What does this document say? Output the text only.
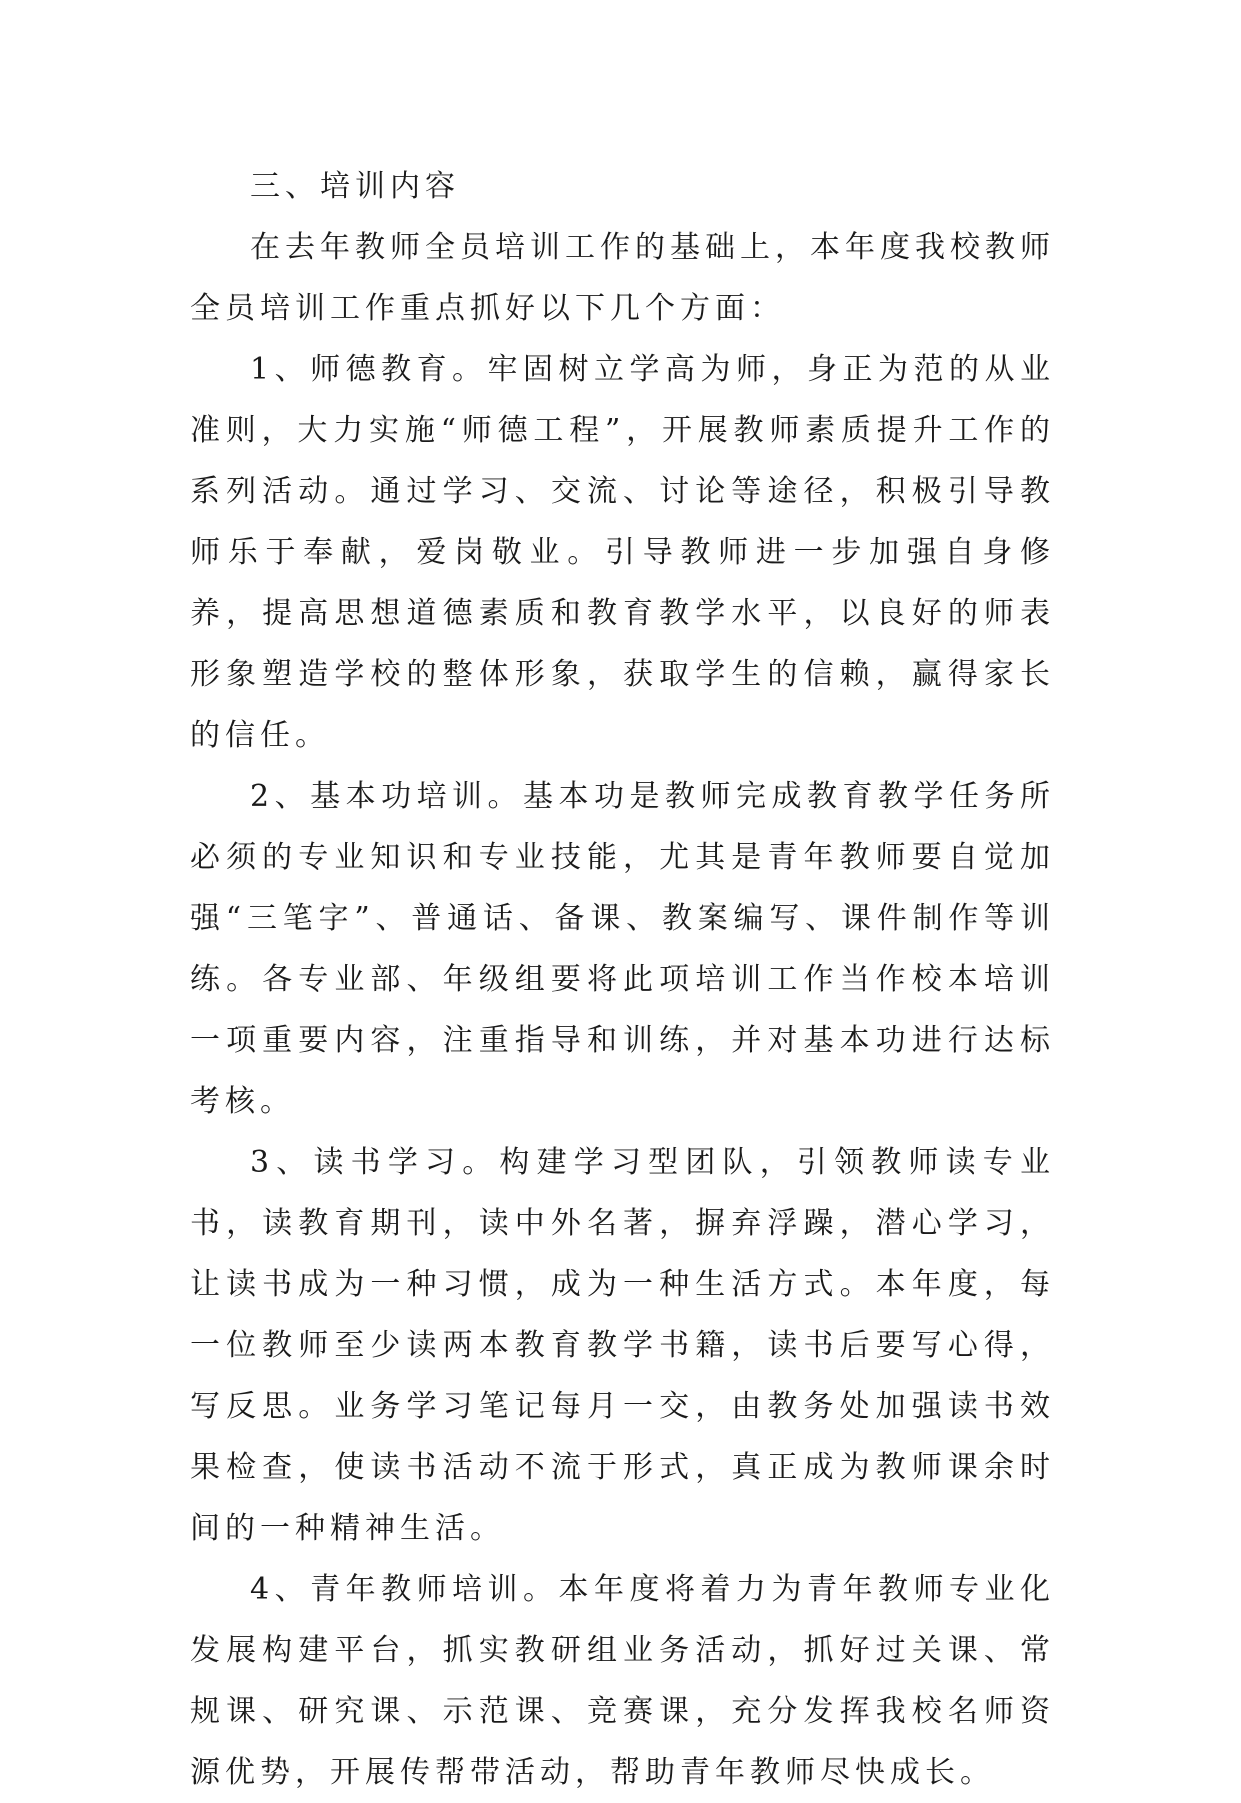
三、培训内容

在去年教师全员培训工作的基础上，本年度我校教师全员培训工作重点抓好以下几个方面：

1、师德教育。牢固树立学高为师，身正为范的从业准则，大力实施“师德工程”，开展教师素质提升工作的系列活动。通过学习、交流、讨论等途径，积极引导教师乐于奉献，爱岗敬业。引导教师进一步加强自身修养，提高思想道德素质和教育教学水平，以良好的师表形象塑造学校的整体形象，获取学生的信赖，赢得家长的信任。

2、基本功培训。基本功是教师完成教育教学任务所必须的专业知识和专业技能，尤其是青年教师要自觉加强“三笔字”、普通话、备课、教案编写、课件制作等训练。各专业部、年级组要将此项培训工作当作校本培训一项重要内容，注重指导和训练，并对基本功进行达标考核。

3、读书学习。构建学习型团队，引领教师读专业书，读教育期刊，读中外名著，摒弃浮躁，潜心学习，让读书成为一种习惯，成为一种生活方式。本年度，每一位教师至少读两本教育教学书籍，读书后要写心得，写反思。业务学习笔记每月一交，由教务处加强读书效果检查，使读书活动不流于形式，真正成为教师课余时间的一种精神生活。

4、青年教师培训。本年度将着力为青年教师专业化发展构建平台，抓实教研组业务活动，抓好过关课、常规课、研究课、示范课、竞赛课，充分发挥我校名师资源优势，开展传帮带活动，帮助青年教师尽快成长。
